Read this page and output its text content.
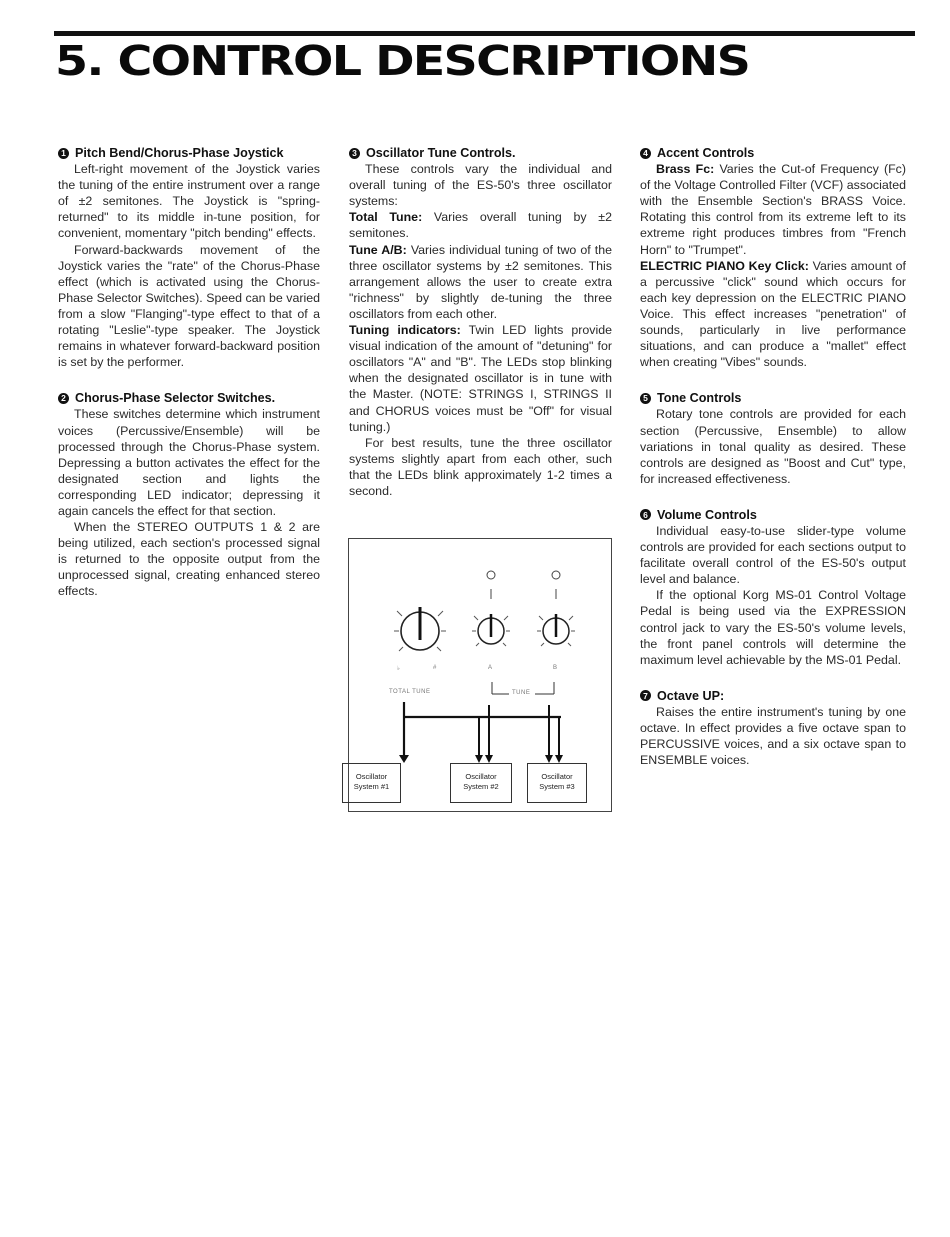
5. CONTROL DESCRIPTIONS
1 Pitch Bend/Chorus-Phase Joystick

Left-right movement of the Joystick varies the tuning of the entire instrument over a range of ±2 semitones. The Joystick is "spring-returned" to its middle in-tune position, for convenient, momentary "pitch bending" effects.

Forward-backwards movement of the Joystick varies the "rate" of the Chorus-Phase effect (which is activated using the Chorus-Phase Selector Switches). Speed can be varied from a slow "Flanging"-type effect to that of a rotating "Leslie"-type speaker. The Joystick remains in whatever forward-backward position is set by the performer.

2 Chorus-Phase Selector Switches.

These switches determine which instrument voices (Percussive/Ensemble) will be processed through the Chorus-Phase system. Depressing a button activates the effect for the designated section and lights the corresponding LED indicator; depressing it again cancels the effect for that section.

When the STEREO OUTPUTS 1 & 2 are being utilized, each section's processed signal is returned to the opposite output from the unprocessed signal, creating enhanced stereo effects.

3 Oscillator Tune Controls.

These controls vary the individual and overall tuning of the ES-50's three oscillator systems:

Total Tune: Varies overall tuning by ±2 semitones.

Tune A/B: Varies individual tuning of two of the three oscillator systems by ±2 semitones. This arrangement allows the user to create extra "richness" by slightly de-tuning the three oscillators from each other.

Tuning indicators: Twin LED lights provide visual indication of the amount of "detuning" for oscillators "A" and "B". The LEDs stop blinking when the designated oscillator is in tune with the Master. (NOTE: STRINGS I, STRINGS II and CHORUS voices must be "Off" for visual tuning.)

For best results, tune the three oscillator systems slightly apart from each other, such that the LEDs blink approximately 1-2 times a second.

♭	#	A	B
TOTAL TUNE	TUNE
Oscillator
System #1
Oscillator
System #2
Oscillator
System #3
4 Accent Controls

Brass Fc: Varies the Cut-of Frequency (Fc) of the Voltage Controlled Filter (VCF) associated with the Ensemble Section's BRASS Voice. Rotating this control from its extreme left to its extreme right produces timbres from "French Horn" to "Trumpet".

ELECTRIC PIANO Key Click: Varies amount of a percussive "click" sound which occurs for each key depression on the ELECTRIC PIANO Voice. This effect increases "penetration" of sounds, particularly in live performance situations, and can produce a "mallet" effect when creating "Vibes" sounds.

5 Tone Controls

Rotary tone controls are provided for each section (Percussive, Ensemble) to allow variations in tonal quality as desired. These controls are designed as "Boost and Cut" type, for increased effectiveness.

6 Volume Controls

Individual easy-to-use slider-type volume controls are provided for each sections output to facilitate overall control of the ES-50's output level and balance.

If the optional Korg MS-01 Control Voltage Pedal is being used via the EXPRESSION control jack to vary the ES-50's volume levels, the front panel controls will determine the maximum level achievable by the MS-01 Pedal.

7 Octave UP:

Raises the entire instrument's tuning by one octave. In effect provides a five octave span to PERCUSSIVE voices, and a six octave span to ENSEMBLE voices.
